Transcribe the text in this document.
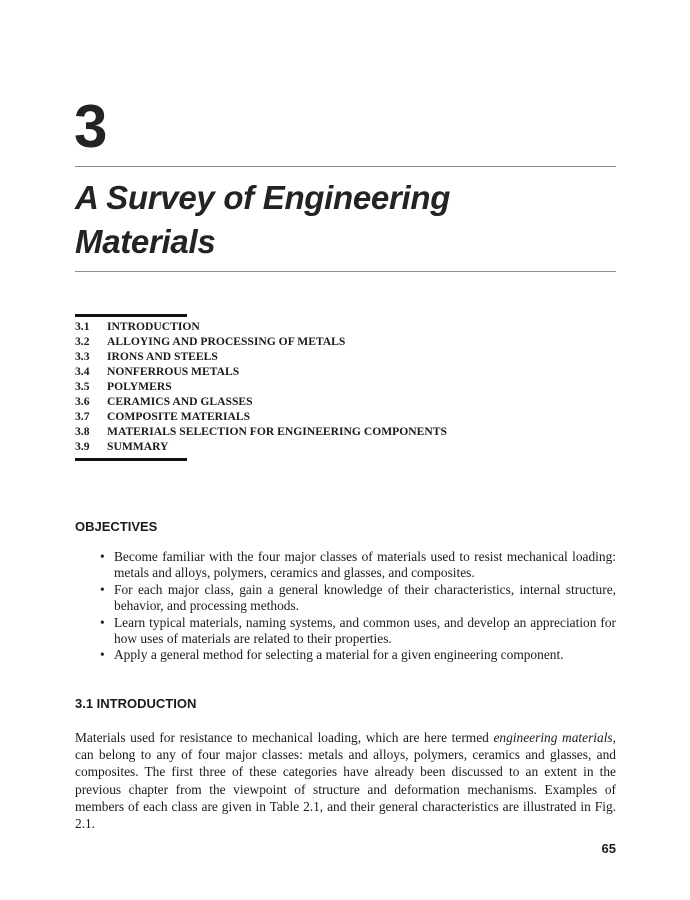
3
A Survey of Engineering
Materials
3.1	INTRODUCTION
3.2	ALLOYING AND PROCESSING OF METALS
3.3	IRONS AND STEELS
3.4	NONFERROUS METALS
3.5	POLYMERS
3.6	CERAMICS AND GLASSES
3.7	COMPOSITE MATERIALS
3.8	MATERIALS SELECTION FOR ENGINEERING COMPONENTS
3.9	SUMMARY
OBJECTIVES
• Become familiar with the four major classes of materials used to resist mechanical loading: metals and alloys, polymers, ceramics and glasses, and composites.
• For each major class, gain a general knowledge of their characteristics, internal structure, behavior, and processing methods.
• Learn typical materials, naming systems, and common uses, and develop an appreciation for how uses of materials are related to their properties.
• Apply a general method for selecting a material for a given engineering component.
3.1 INTRODUCTION

Materials used for resistance to mechanical loading, which are here termed engineering materials, can belong to any of four major classes: metals and alloys, polymers, ceramics and glasses, and composites. The first three of these categories have already been discussed to an extent in the previous chapter from the viewpoint of structure and deformation mechanisms. Examples of members of each class are given in Table 2.1, and their general characteristics are illustrated in Fig. 2.1.

65
